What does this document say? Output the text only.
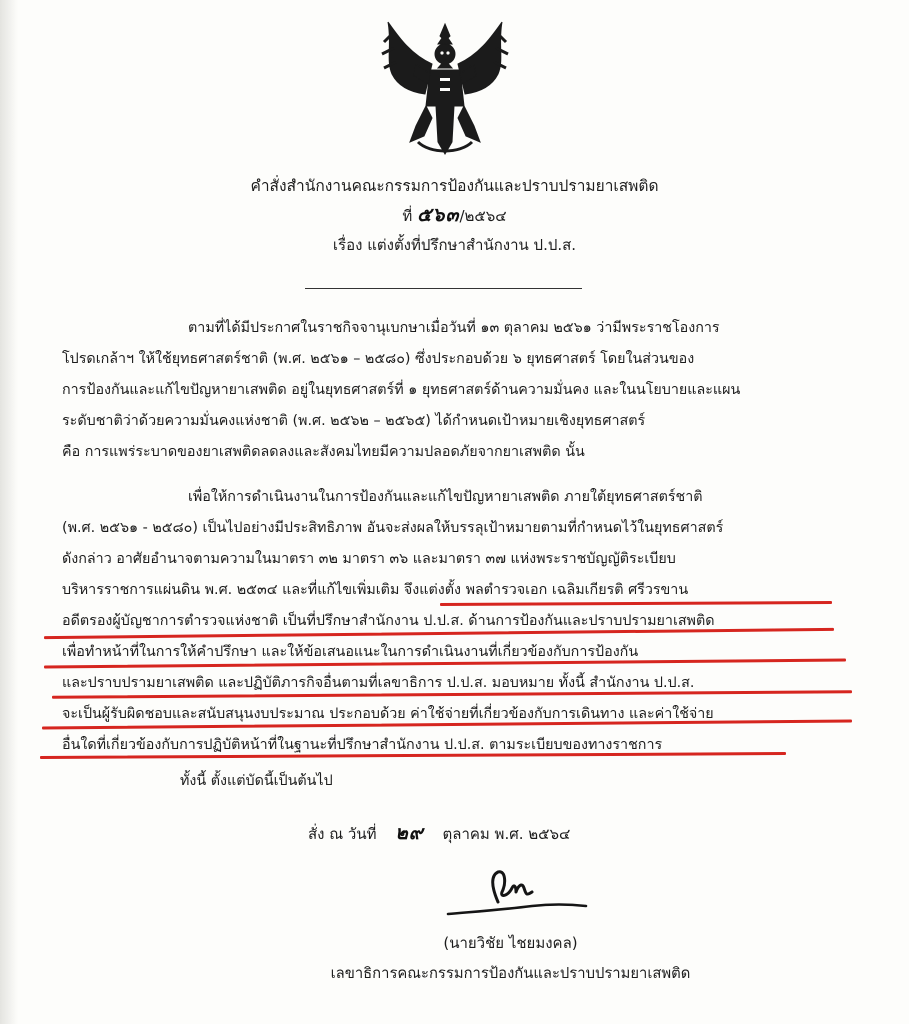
คำสั่งสำนักงานคณะกรรมการป้องกันและปราบปรามยาเสพติด
ที่ ๕๖๓/๒๕๖๔
เรื่อง แต่งตั้งที่ปรึกษาสำนักงาน ป.ป.ส.
ตามที่ได้มีประกาศในราชกิจจานุเบกษาเมื่อวันที่ ๑๓ ตุลาคม ๒๕๖๑ ว่ามีพระราชโองการ
โปรดเกล้าฯ ให้ใช้ยุทธศาสตร์ชาติ (พ.ศ. ๒๕๖๑ – ๒๕๘๐) ซึ่งประกอบด้วย ๖ ยุทธศาสตร์ โดยในส่วนของ
การป้องกันและแก้ไขปัญหายาเสพติด อยู่ในยุทธศาสตร์ที่ ๑ ยุทธศาสตร์ด้านความมั่นคง และในนโยบายและแผน
ระดับชาติว่าด้วยความมั่นคงแห่งชาติ (พ.ศ. ๒๕๖๒ – ๒๕๖๕) ได้กำหนดเป้าหมายเชิงยุทธศาสตร์
คือ การแพร่ระบาดของยาเสพติดลดลงและสังคมไทยมีความปลอดภัยจากยาเสพติด นั้น
เพื่อให้การดำเนินงานในการป้องกันและแก้ไขปัญหายาเสพติด ภายใต้ยุทธศาสตร์ชาติ
(พ.ศ. ๒๕๖๑ - ๒๕๘๐) เป็นไปอย่างมีประสิทธิภาพ อันจะส่งผลให้บรรลุเป้าหมายตามที่กำหนดไว้ในยุทธศาสตร์
ดังกล่าว อาศัยอำนาจตามความในมาตรา ๓๒ มาตรา ๓๖ และมาตรา ๓๗ แห่งพระราชบัญญัติระเบียบ
บริหารราชการแผ่นดิน พ.ศ. ๒๕๓๔ และที่แก้ไขเพิ่มเติม จึงแต่งตั้ง พลตำรวจเอก เฉลิมเกียรติ ศรีวรขาน
อดีตรองผู้บัญชาการตำรวจแห่งชาติ เป็นที่ปรึกษาสำนักงาน ป.ป.ส. ด้านการป้องกันและปราบปรามยาเสพติด
เพื่อทำหน้าที่ในการให้คำปรึกษา และให้ข้อเสนอแนะในการดำเนินงานที่เกี่ยวข้องกับการป้องกัน
และปราบปรามยาเสพติด และปฏิบัติภารกิจอื่นตามที่เลขาธิการ ป.ป.ส. มอบหมาย ทั้งนี้ สำนักงาน ป.ป.ส.
จะเป็นผู้รับผิดชอบและสนับสนุนงบประมาณ ประกอบด้วย ค่าใช้จ่ายที่เกี่ยวข้องกับการเดินทาง และค่าใช้จ่าย
อื่นใดที่เกี่ยวข้องกับการปฏิบัติหน้าที่ในฐานะที่ปรึกษาสำนักงาน ป.ป.ส. ตามระเบียบของทางราชการ
ทั้งนี้ ตั้งแต่บัดนี้เป็นต้นไป
สั่ง ณ วันที่ ๒๙ ตุลาคม พ.ศ. ๒๕๖๔
(นายวิชัย ไชยมงคล)
เลขาธิการคณะกรรมการป้องกันและปราบปรามยาเสพติด
